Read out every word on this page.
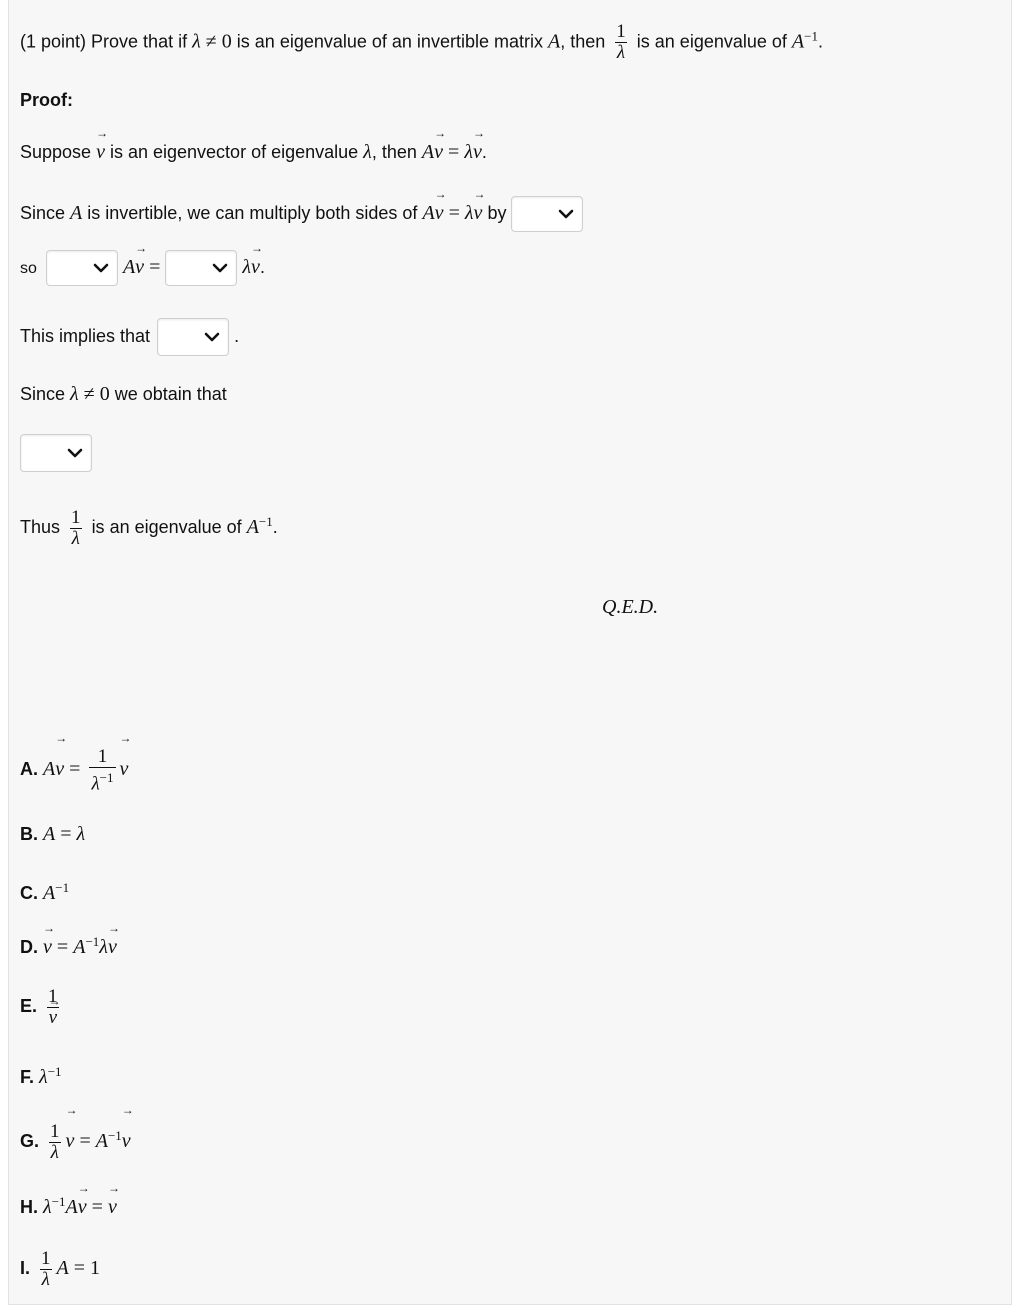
(1 point) Prove that if λ ≠ 0 is an eigenvalue of an invertible matrix A, then $\frac{1}{\lambda}$ is an eigenvalue of $A^{-1}$.
Proof:
Suppose → v is an eigenvector of eigenvalue λ, then A→ v = λ→ v.
Since A is invertible, we can multiply both sides of A→ v = λ→ v by
so	A→ v =	λ→ v.
This implies that	.
Since λ ≠ 0 we obtain that
Thus $\frac{1}{\lambda}$ is an eigenvalue of $A^{-1}$.
Q.E.D.
A. $A\to v = \frac{1}{\lambda^{-1}}$
→ v
B. A = λ
C. $A^{-1}$
D. → $v = A^{-1}\lambda\to v$
E. 1
→ v
F. $\lambda^{-1}$
G. $\frac{1}{\lambda}$
→ $v = A^{-1}\to v$
H. $\lambda^{-1}A\to v$ = → v
I. $\frac{1}{\lambda}$ A = 1
